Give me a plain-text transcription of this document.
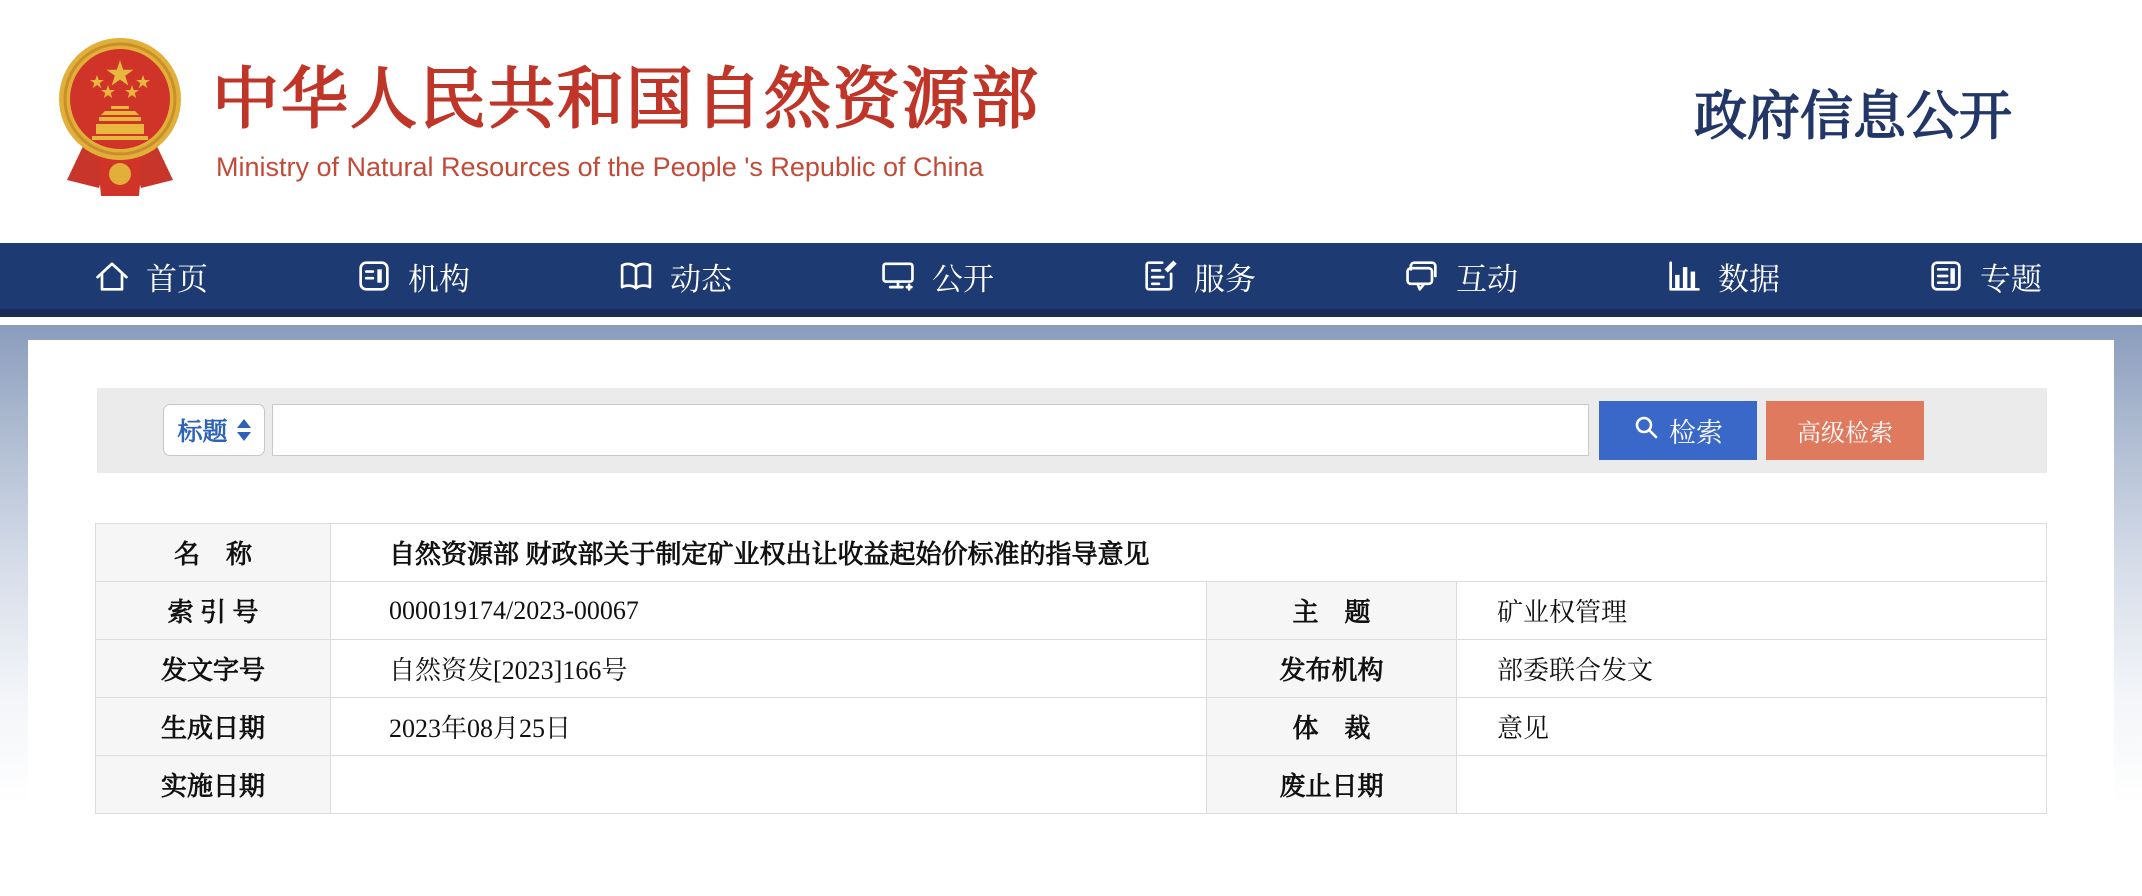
中华人民共和国自然资源部
Ministry of Natural Resources of the People 's Republic of China
政府信息公开
首页	机构	动态	公开	服务	互动	数据	专题
标题	检索	高级检索
名　称	自然资源部 财政部关于制定矿业权出让收益起始价标准的指导意见		
索 引 号	000019174/2023-00067	主　题	矿业权管理
发文字号	自然资发[2023]166号	发布机构	部委联合发文
生成日期	2023年08月25日	体　裁	意见
实施日期		废止日期	
